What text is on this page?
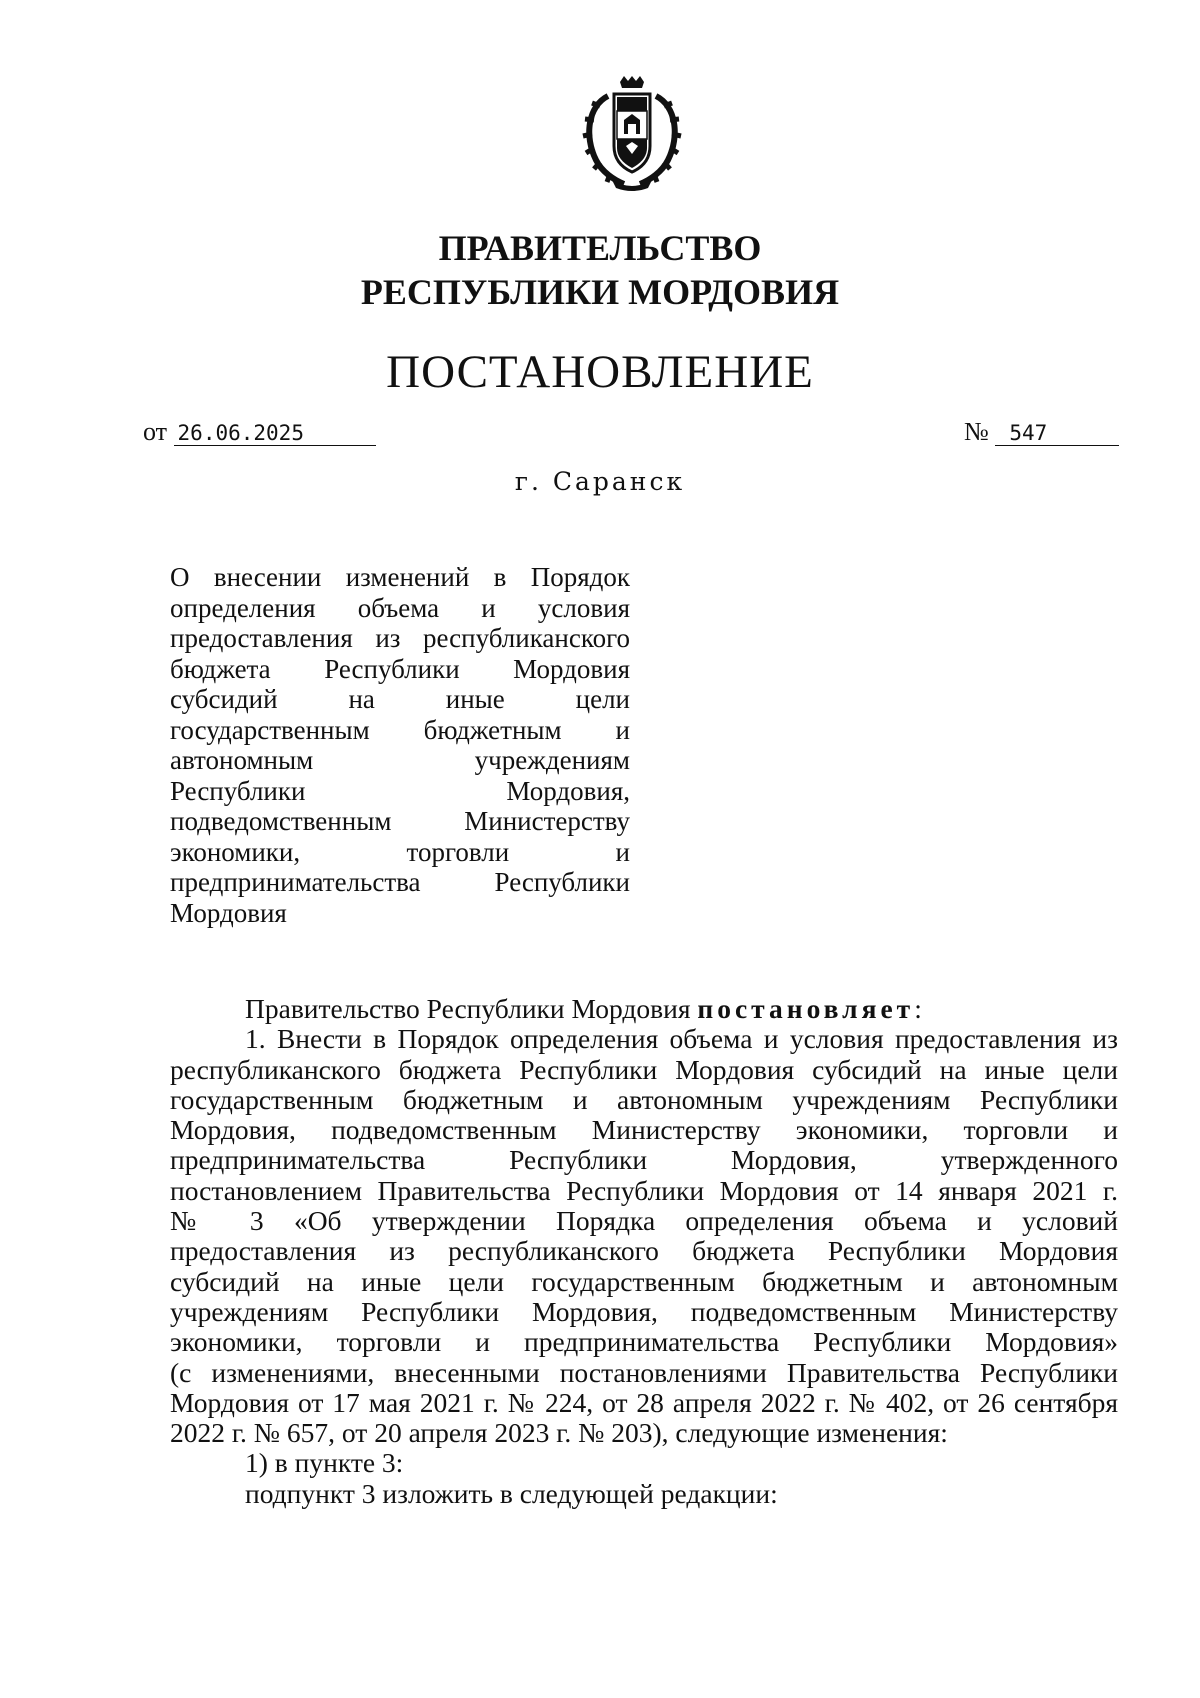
ПРАВИТЕЛЬСТВО
РЕСПУБЛИКИ МОРДОВИЯ
ПОСТАНОВЛЕНИЕ
от 26.06.2025	№ 547
г. Саранск
О внесении изменений в Порядок
определения объема и условия
предоставления из республиканского
бюджета Республики Мордовия
субсидий на иные цели
государственным бюджетным и
автономным учреждениям
Республики Мордовия,
подведомственным Министерству
экономики, торговли и
предпринимательства Республики
Мордовия
Правительство Республики Мордовия постановляет:
1. Внести в Порядок определения объема и условия предоставления из
республиканского бюджета Республики Мордовия субсидий на иные цели
государственным бюджетным и автономным учреждениям Республики
Мордовия, подведомственным Министерству экономики, торговли и
предпринимательства Республики Мордовия, утвержденного
постановлением Правительства Республики Мордовия от 14 января 2021 г.
№ 3 «Об утверждении Порядка определения объема и условий
предоставления из республиканского бюджета Республики Мордовия
субсидий на иные цели государственным бюджетным и автономным
учреждениям Республики Мордовия, подведомственным Министерству
экономики, торговли и предпринимательства Республики Мордовия»
(с изменениями, внесенными постановлениями Правительства Республики
Мордовия от 17 мая 2021 г. № 224, от 28 апреля 2022 г. № 402, от 26 сентября
2022 г. № 657, от 20 апреля 2023 г. № 203), следующие изменения:
1) в пункте 3:
подпункт 3 изложить в следующей редакции:
